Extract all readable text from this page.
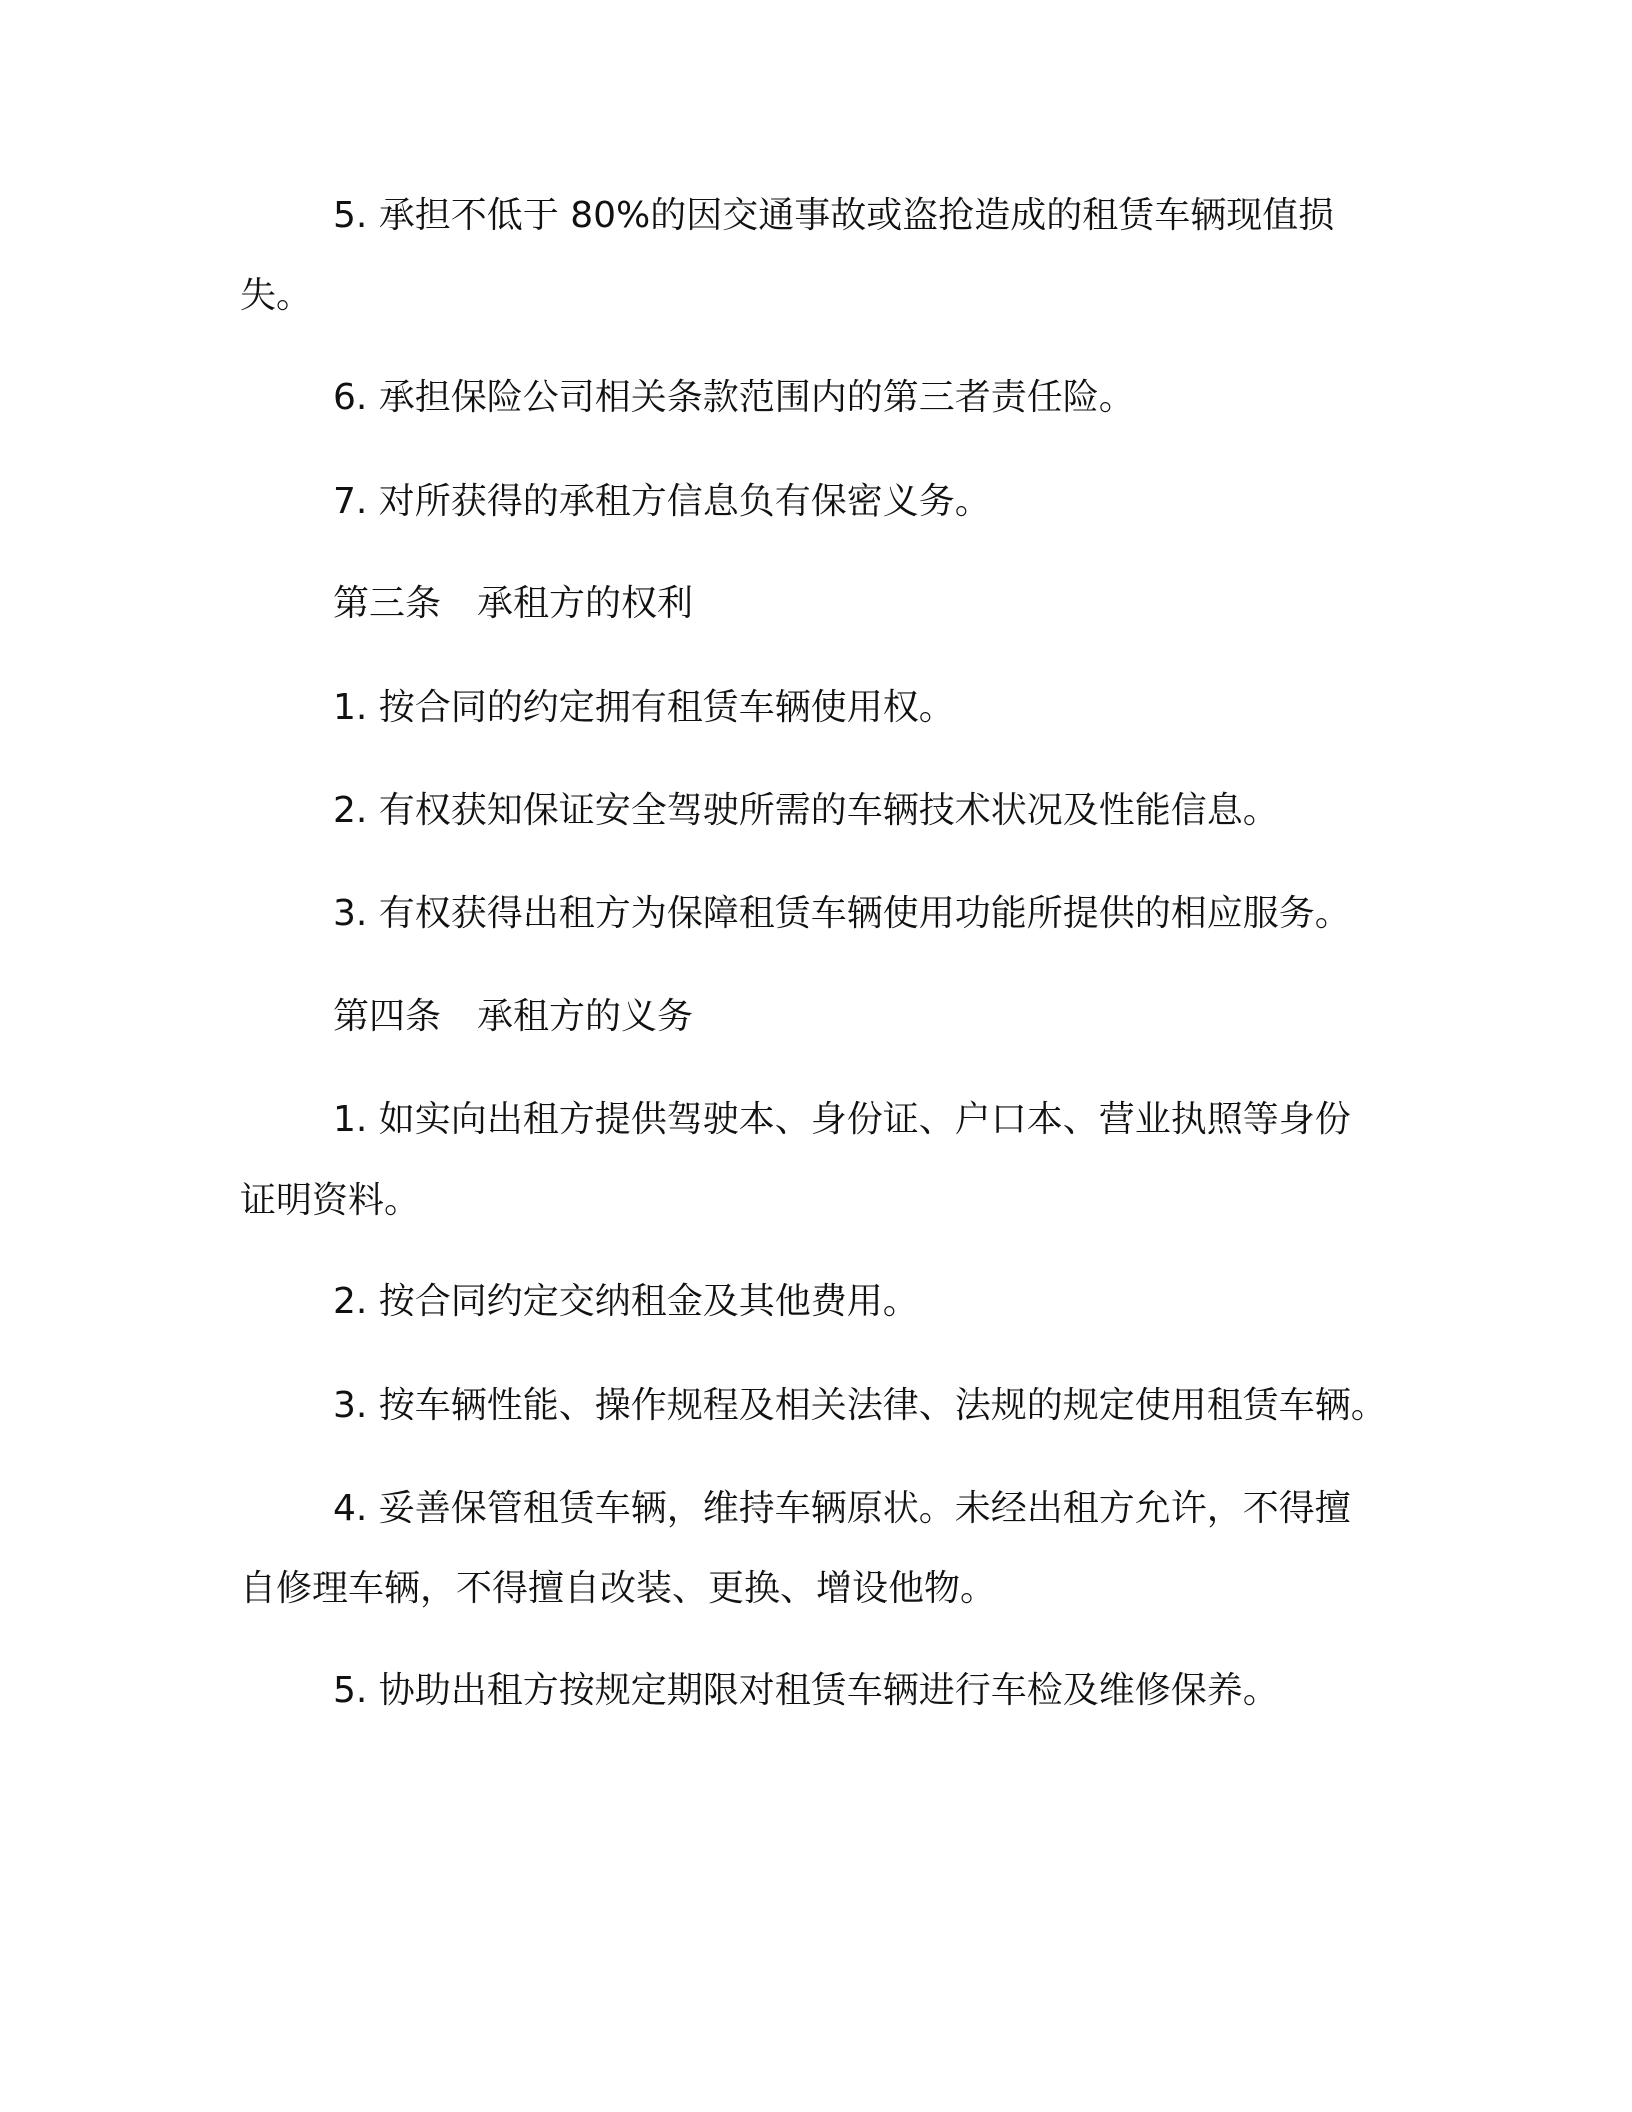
5. 承担不低于 80%的因交通事故或盗抢造成的租赁车辆现值损
失。
6. 承担保险公司相关条款范围内的第三者责任险。
7. 对所获得的承租方信息负有保密义务。
第三条　承租方的权利
1. 按合同的约定拥有租赁车辆使用权。
2. 有权获知保证安全驾驶所需的车辆技术状况及性能信息。
3. 有权获得出租方为保障租赁车辆使用功能所提供的相应服务。
第四条　承租方的义务
1. 如实向出租方提供驾驶本、身份证、户口本、营业执照等身份
证明资料。
2. 按合同约定交纳租金及其他费用。
3. 按车辆性能、操作规程及相关法律、法规的规定使用租赁车辆。
4. 妥善保管租赁车辆，维持车辆原状。未经出租方允许，不得擅
自修理车辆，不得擅自改装、更换、增设他物。
5. 协助出租方按规定期限对租赁车辆进行车检及维修保养。
